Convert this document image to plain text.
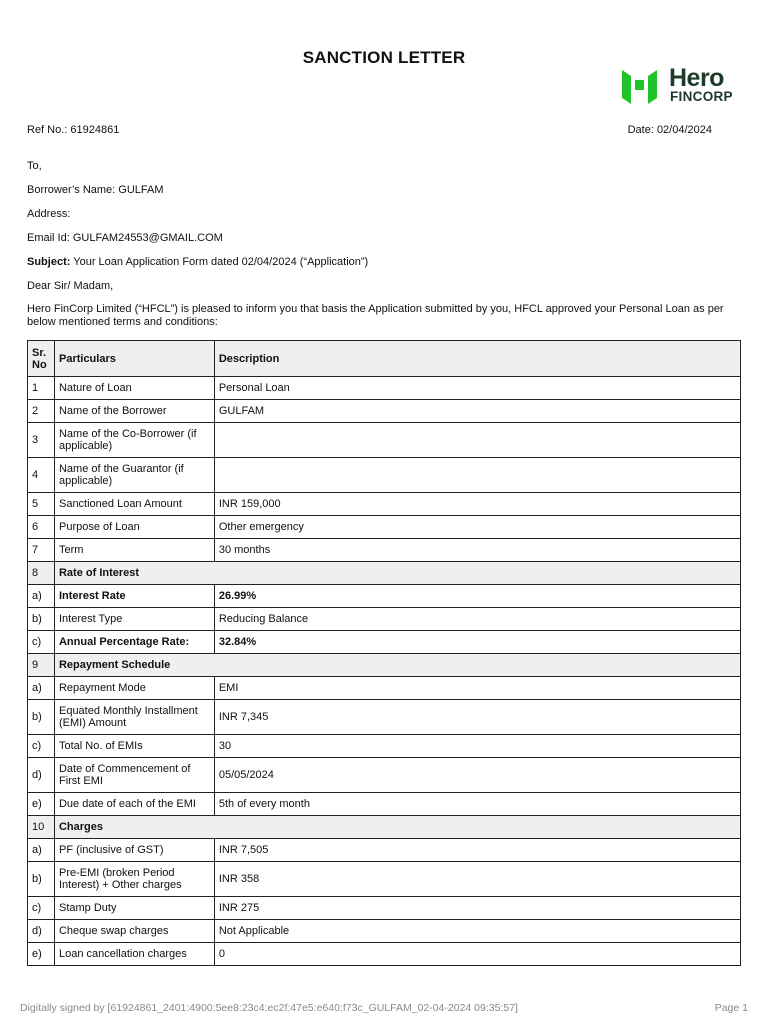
SANCTION LETTER
Hero
FINCORP
Ref No.: 61924861	Date: 02/04/2024
To,
Borrower’s Name: GULFAM
Address:
Email Id: GULFAM24553@GMAIL.COM
Subject: Your Loan Application Form dated 02/04/2024 (“Application”)
Dear Sir/ Madam,
Hero FinCorp Limited (“HFCL”) is pleased to inform you that basis the Application submitted by you, HFCL approved your Personal Loan as per below mentioned terms and conditions:
Sr. No	Particulars	Description
1	Nature of Loan	Personal Loan
2	Name of the Borrower	GULFAM
3	Name of the Co-Borrower (if applicable)	
4	Name of the Guarantor (if applicable)	
5	Sanctioned Loan Amount	INR 159,000
6	Purpose of Loan	Other emergency
7	Term	30 months
8	Rate of Interest	
a)	Interest Rate	26.99%
b)	Interest Type	Reducing Balance
c)	Annual Percentage Rate:	32.84%
9	Repayment Schedule	
a)	Repayment Mode	EMI
b)	Equated Monthly Installment (EMI) Amount	INR 7,345
c)	Total No. of EMIs	30
d)	Date of Commencement of First EMI	05/05/2024
e)	Due date of each of the EMI	5th of every month
10	Charges	
a)	PF (inclusive of GST)	INR 7,505
b)	Pre-EMI (broken Period Interest) + Other charges	INR 358
c)	Stamp Duty	INR 275
d)	Cheque swap charges	Not Applicable
e)	Loan cancellation charges	0
Digitally signed by [61924861_2401:4900:5ee8:23c4:ec2f:47e5:e640:f73c_GULFAM_02-04-2024 09:35:57]	Page 1
